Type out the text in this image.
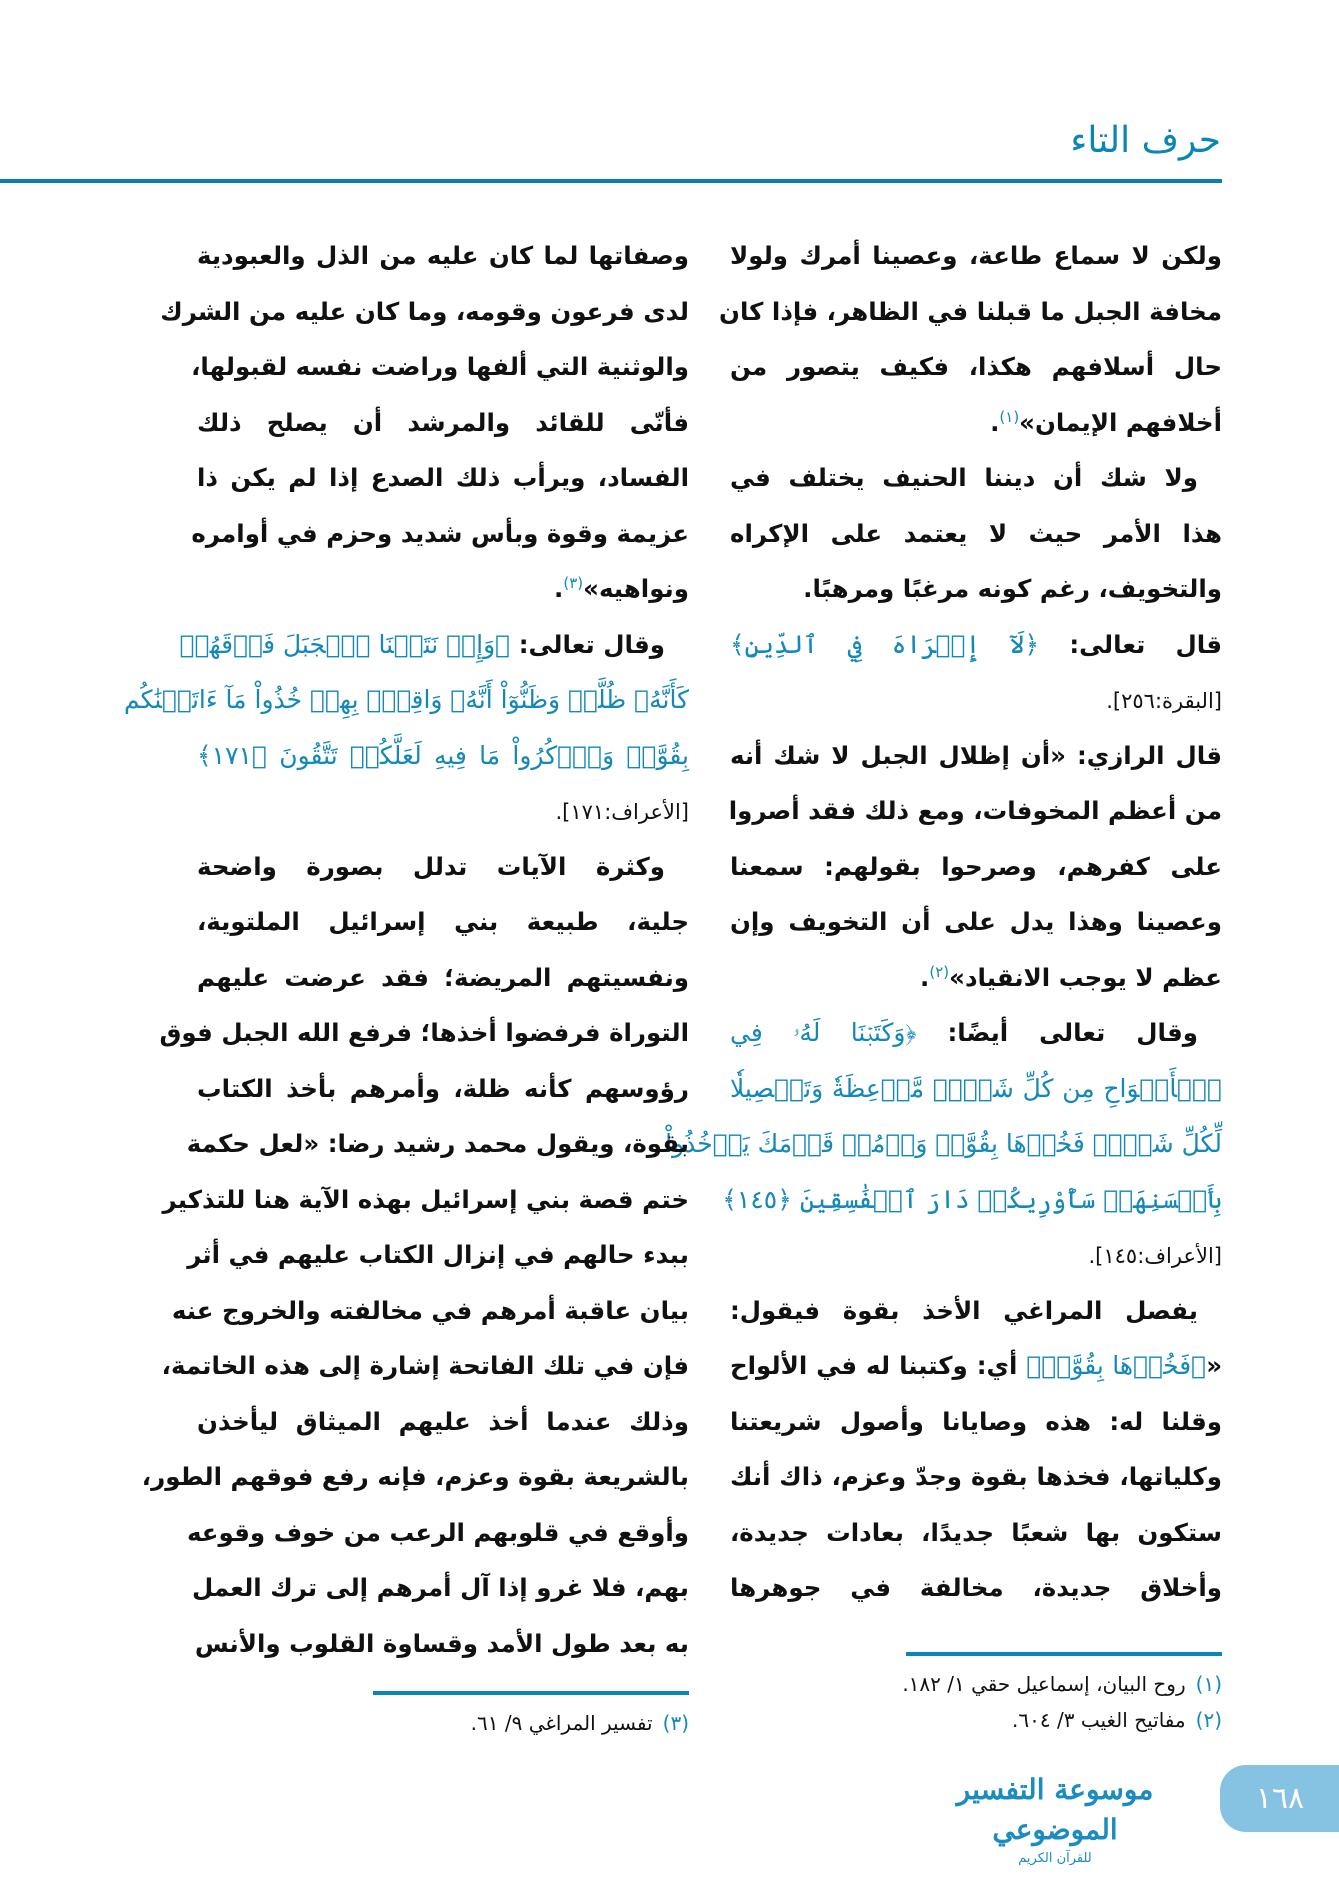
حرف التاء
ولكن لا سماع طاعة، وعصينا أمرك ولولا
مخافة الجبل ما قبلنا في الظاهر، فإذا كان
حال أسلافهم هكذا، فكيف يتصور من
أخلافهم الإيمان»$^{(١)}$.
ولا شك أن ديننا الحنيف يختلف في
هذا الأمر حيث لا يعتمد على الإكراه
والتخويف، رغم كونه مرغبًا ومرهبًا.
قال تعالى: ﴿لَآ إِكۡرَاهَ فِي ٱلدِّينِ﴾
[البقرة:٢٥٦].
قال الرازي: «أن إظلال الجبل لا شك أنه
من أعظم المخوفات، ومع ذلك فقد أصروا
على كفرهم، وصرحوا بقولهم: سمعنا
وعصينا وهذا يدل على أن التخويف وإن
عظم لا يوجب الانقياد»$^{(٢)}$.
وقال تعالى أيضًا: ﴿وَكَتَبۡنَا لَهُۥ فِي
ٱلۡأَلۡوَاحِ مِن كُلِّ شَيۡءٖ مَّوۡعِظَةٗ وَتَفۡصِيلٗا
لِّكُلِّ شَيۡءٖ فَخُذۡهَا بِقُوَّةٖ وَأۡمُرۡ قَوۡمَكَ يَأۡخُذُواْ
بِأَحۡسَنِهَاۚ سَأُوْرِيكُمۡ دَارَ ٱلۡفَٰسِقِينَ ﴿١٤٥﴾
[الأعراف:١٤٥].
يفصل المراغي الأخذ بقوة فيقول:
«﴿فَخُذۡهَا بِقُوَّةٖ﴾ أي: وكتبنا له في الألواح
وقلنا له: هذه وصايانا وأصول شريعتنا
وكلياتها، فخذها بقوة وجدّ وعزم، ذاك أنك
ستكون بها شعبًا جديدًا، بعادات جديدة،
وأخلاق جديدة، مخالفة في جوهرها
وصفاتها لما كان عليه من الذل والعبودية
لدى فرعون وقومه، وما كان عليه من الشرك
والوثنية التي ألفها وراضت نفسه لقبولها،
فأنّى للقائد والمرشد أن يصلح ذلك
الفساد، ويرأب ذلك الصدع إذا لم يكن ذا
عزيمة وقوة وبأس شديد وحزم في أوامره
ونواهيه»$^{(٣)}$.
وقال تعالى: ﴿وَإِذۡ نَتَقۡنَا ٱلۡجَبَلَ فَوۡقَهُمۡ
كَأَنَّهُۥ ظُلَّةٞ وَظَنُّوٓاْ أَنَّهُۥ وَاقِعُۢ بِهِمۡ خُذُواْ مَآ ءَاتَيۡنَٰكُم
بِقُوَّةٖ وَٱذۡكُرُواْ مَا فِيهِ لَعَلَّكُمۡ تَتَّقُونَ ﴿١٧١﴾
[الأعراف:١٧١].
وكثرة الآيات تدلل بصورة واضحة
جلية، طبيعة بني إسرائيل الملتوية،
ونفسيتهم المريضة؛ فقد عرضت عليهم
التوراة فرفضوا أخذها؛ فرفع الله الجبل فوق
رؤوسهم كأنه ظلة، وأمرهم بأخذ الكتاب
بقوة، ويقول محمد رشيد رضا: «لعل حكمة
ختم قصة بني إسرائيل بهذه الآية هنا للتذكير
ببدء حالهم في إنزال الكتاب عليهم في أثر
بيان عاقبة أمرهم في مخالفته والخروج عنه
فإن في تلك الفاتحة إشارة إلى هذه الخاتمة،
وذلك عندما أخذ عليهم الميثاق ليأخذن
بالشريعة بقوة وعزم، فإنه رفع فوقهم الطور،
وأوقع في قلوبهم الرعب من خوف وقوعه
بهم، فلا غرو إذا آل أمرهم إلى ترك العمل
به بعد طول الأمد وقساوة القلوب والأنس
(١)روح البيان، إسماعيل حقي ١/ ١٨٢.
(٢)مفاتيح الغيب ٣/ ٦٠٤.
(٣)تفسير المراغي ٩/ ٦١.
موسوعة التفسير الموضوعي
للقرآن الكريم
١٦٨
